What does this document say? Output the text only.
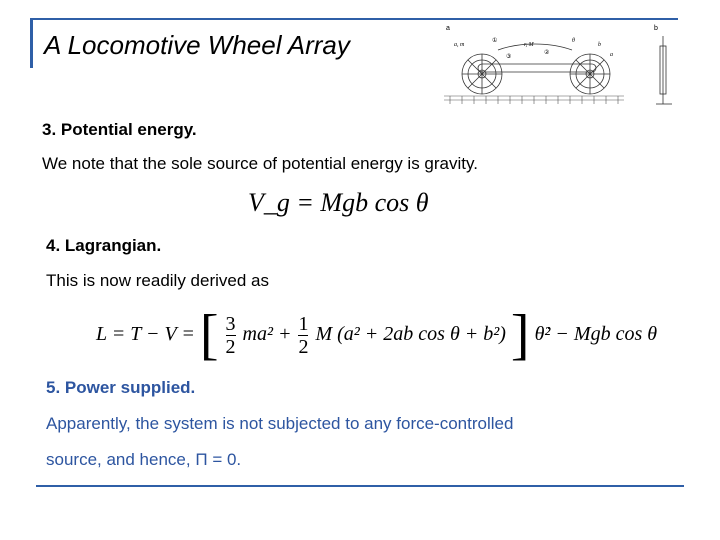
A Locomotive Wheel Array
a	b
a, m	r, M
θ
b
a
①
②
③
3. Potential energy.
We note that the sole source of potential energy is gravity.
V_g = Mgb cos θ
4. Lagrangian.
This is now readily derived as
L = T − V = [ $\frac{3}{2} ma^2 + \frac{1}{2}$ M (a² + 2ab cos θ + b²) ] θ̇² − Mgb cos θ
5. Power supplied.
Apparently, the system is not subjected to any force-controlled
source, and hence, Π = 0.
